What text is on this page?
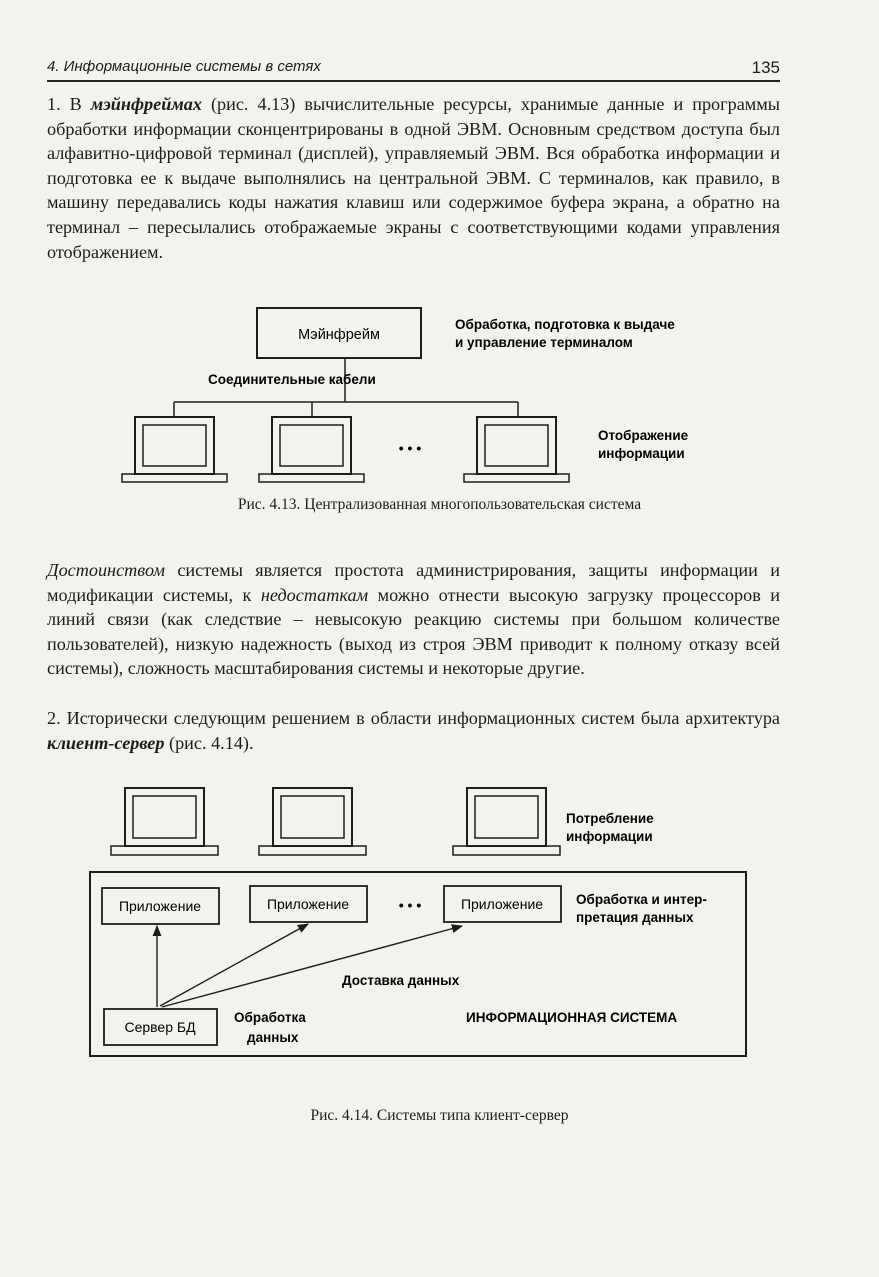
4. Информационные системы в сетях	135

1. В мэйнфреймах (рис. 4.13) вычислительные ресурсы, хранимые данные и программы обработки информации сконцентрированы в одной ЭВМ. Основным средством доступа был алфавитно-цифровой терминал (дисплей), управляемый ЭВМ. Вся обработка информации и подготовка ее к выдаче выполнялись на центральной ЭВМ. С терминалов, как правило, в машину передавались коды нажатия клавиш или содержимое буфера экрана, а обратно на терминал – пересылались отображаемые экраны с соответствующими кодами управления отображением.

Мэйнфрейм
Обработка, подготовка к выдаче
и управление терминалом
Соединительные кабели
• • •
Отображение
информации
Рис. 4.13. Централизованная многопользовательская система

Достоинством системы является простота администрирования, защиты информации и модификации системы, к недостаткам можно отнести высокую загрузку процессоров и линий связи (как следствие – невысокую реакцию системы при большом количестве пользователей), низкую надежность (выход из строя ЭВМ приводит к полному отказу всей системы), сложность масштабирования системы и некоторые другие.

2. Исторически следующим решением в области информационных систем была архитектура клиент-сервер (рис. 4.14).

Потребление
информации
Приложение	Приложение	• • •	Приложение Обработка и интер-
претация данных
Доставка данных
Сервер БД
Обработка
данных
ИНФОРМАЦИОННАЯ СИСТЕМА
Рис. 4.14. Системы типа клиент-сервер
